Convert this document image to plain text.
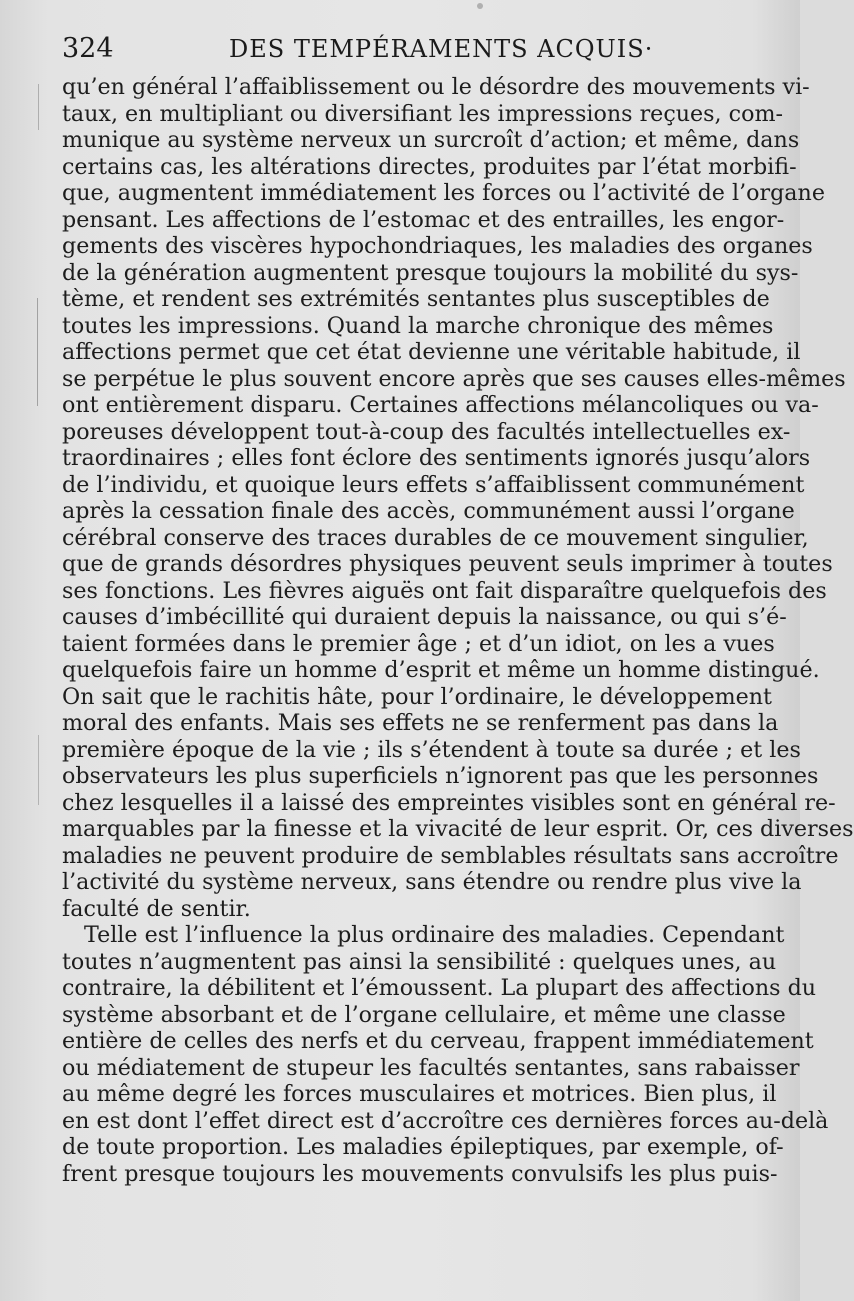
324	DES TEMPÉRAMENTS ACQUIS·
qu’en général l’affaiblissement ou le désordre des mouvements vi-
taux, en multipliant ou diversifiant les impressions reçues, com-
munique au système nerveux un surcroît d’action; et même, dans
certains cas, les altérations directes, produites par l’état morbifi-
que, augmentent immédiatement les forces ou l’activité de l’organe
pensant. Les affections de l’estomac et des entrailles, les engor-
gements des viscères hypochondriaques, les maladies des organes
de la génération augmentent presque toujours la mobilité du sys-
tème, et rendent ses extrémités sentantes plus susceptibles de
toutes les impressions. Quand la marche chronique des mêmes
affections permet que cet état devienne une véritable habitude, il
se perpétue le plus souvent encore après que ses causes elles-mêmes
ont entièrement disparu. Certaines affections mélancoliques ou va-
poreuses développent tout-à-coup des facultés intellectuelles ex-
traordinaires ; elles font éclore des sentiments ignorés jusqu’alors
de l’individu, et quoique leurs effets s’affaiblissent communément
après la cessation finale des accès, communément aussi l’organe
cérébral conserve des traces durables de ce mouvement singulier,
que de grands désordres physiques peuvent seuls imprimer à toutes
ses fonctions. Les fièvres aiguës ont fait disparaître quelquefois des
causes d’imbécillité qui duraient depuis la naissance, ou qui s’é-
taient formées dans le premier âge ; et d’un idiot, on les a vues
quelquefois faire un homme d’esprit et même un homme distingué.
On sait que le rachitis hâte, pour l’ordinaire, le développement
moral des enfants. Mais ses effets ne se renferment pas dans la
première époque de la vie ; ils s’étendent à toute sa durée ; et les
observateurs les plus superficiels n’ignorent pas que les personnes
chez lesquelles il a laissé des empreintes visibles sont en général re-
marquables par la finesse et la vivacité de leur esprit. Or, ces diverses
maladies ne peuvent produire de semblables résultats sans accroître
l’activité du système nerveux, sans étendre ou rendre plus vive la
faculté de sentir.
Telle est l’influence la plus ordinaire des maladies. Cependant
toutes n’augmentent pas ainsi la sensibilité : quelques unes, au
contraire, la débilitent et l’émoussent. La plupart des affections du
système absorbant et de l’organe cellulaire, et même une classe
entière de celles des nerfs et du cerveau, frappent immédiatement
ou médiatement de stupeur les facultés sentantes, sans rabaisser
au même degré les forces musculaires et motrices. Bien plus, il
en est dont l’effet direct est d’accroître ces dernières forces au-delà
de toute proportion. Les maladies épileptiques, par exemple, of-
frent presque toujours les mouvements convulsifs les plus puis-
